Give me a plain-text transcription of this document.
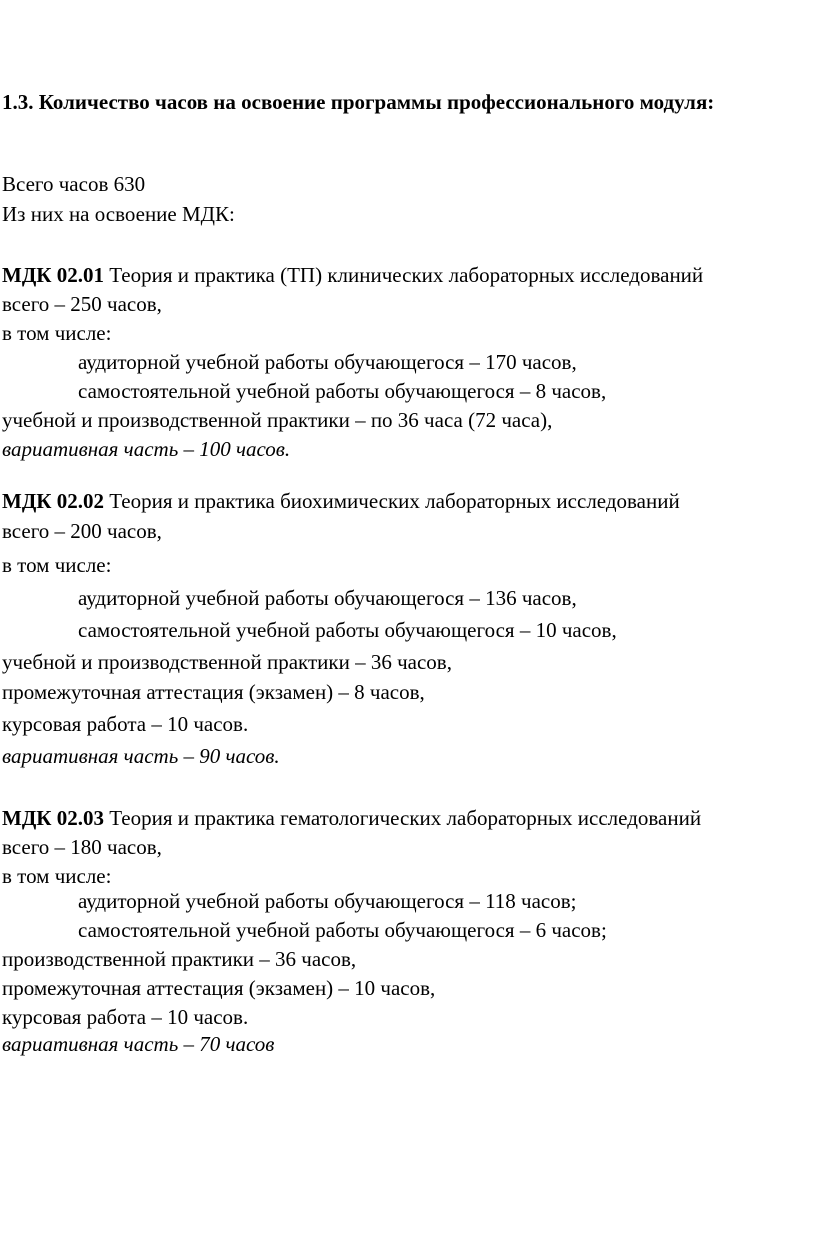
1.3. Количество часов на освоение программы профессионального модуля:
Всего часов 630
Из них на освоение МДК:
МДК 02.01 Теория и практика (ТП) клинических лабораторных исследований
всего – 250 часов,
в том числе:
аудиторной учебной работы обучающегося – 170 часов,
самостоятельной учебной работы обучающегося – 8 часов,
учебной и производственной практики – по 36 часа (72 часа),
вариативная часть – 100 часов.
МДК 02.02 Теория и практика биохимических лабораторных исследований
всего – 200 часов,
в том числе:
аудиторной учебной работы обучающегося – 136 часов,
самостоятельной учебной работы обучающегося – 10 часов,
учебной и производственной практики – 36 часов,
промежуточная аттестация (экзамен) – 8 часов,
курсовая работа – 10 часов.
вариативная часть – 90 часов.
МДК 02.03 Теория и практика гематологических лабораторных исследований
всего – 180 часов,
в том числе:
аудиторной учебной работы обучающегося – 118 часов;
самостоятельной учебной работы обучающегося – 6 часов;
производственной практики – 36 часов,
промежуточная аттестация (экзамен) – 10 часов,
курсовая работа – 10 часов.
вариативная часть – 70 часов
